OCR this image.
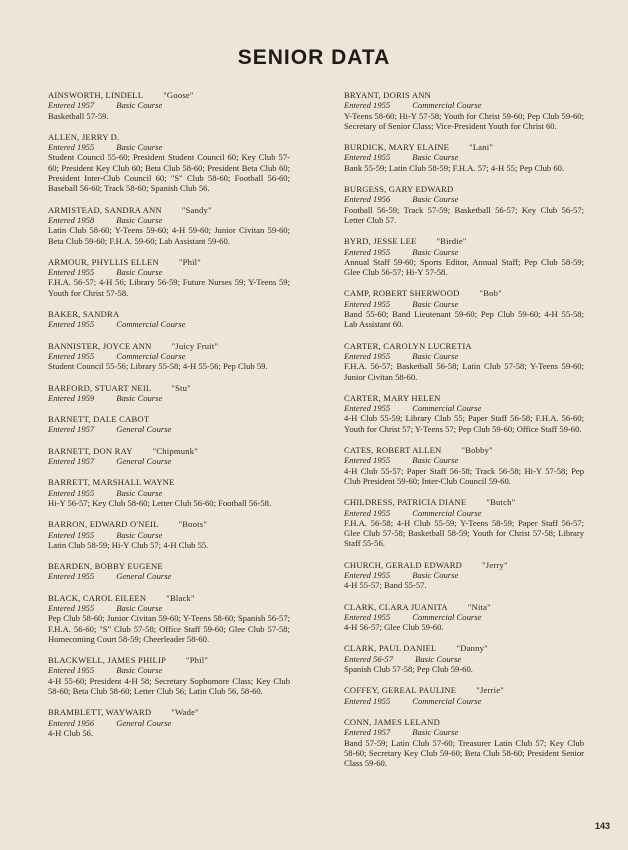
SENIOR DATA
AINSWORTH, LINDELL "Goose"
Entered 1957	Basic Course
Basketball 57-59.
ALLEN, JERRY D.
Entered 1955	Basic Course
Student Council 55-60; President Student Council 60; Key Club 57-60; President Key Club 60; Beta Club 58-60; President Beta Club 60; President Inter-Club Council 60; "S" Club 58-60; Football 56-60; Baseball 56-60; Track 58-60; Spanish Club 56.
ARMISTEAD, SANDRA ANN "Sandy"
Entered 1958	Basic Course
Latin Club 58-60; Y-Teens 59-60; 4-H 59-60; Junior Civitan 59-60; Beta Club 59-60; F.H.A. 59-60; Lab Assistant 59-60.
ARMOUR, PHYLLIS ELLEN "Phil"
Entered 1955	Basic Course
F.H.A. 56-57; 4-H 56; Library 56-59; Future Nurses 59; Y-Teens 59; Youth for Christ 57-58.
BAKER, SANDRA
Entered 1955	Commercial Course
BANNISTER, JOYCE ANN "Juicy Fruit"
Entered 1955	Commercial Course
Student Council 55-56; Library 55-58; 4-H 55-56; Pep Club 59.
BARFORD, STUART NEIL "Stu"
Entered 1959	Basic Course
BARNETT, DALE CABOT
Entered 1957	General Course
BARNETT, DON RAY "Chipmunk"
Entered 1957	General Course
BARRETT, MARSHALL WAYNE
Entered 1955	Basic Course
Hi-Y 56-57; Key Club 58-60; Letter Club 56-60; Football 56-58.
BARRON, EDWARD O'NEIL "Boots"
Entered 1955	Basic Course
Latin Club 58-59; Hi-Y Club 57; 4-H Club 55.
BEARDEN, BOBBY EUGENE
Entered 1955	General Course
BLACK, CAROL EILEEN "Black"
Entered 1955	Basic Course
Pep Club 58-60; Junior Civitan 59-60; Y-Teens 58-60; Spanish 56-57; F.H.A. 56-60; "S" Club 57-58; Office Staff 59-60; Glee Club 57-58; Homecoming Court 58-59; Cheerleader 58-60.
BLACKWELL, JAMES PHILIP "Phil"
Entered 1955	Basic Course
4-H 55-60; President 4-H 58; Secretary Sophomore Class; Key Club 58-60; Beta Club 58-60; Letter Club 56; Latin Club 56, 58-60.
BRAMBLETT, WAYWARD "Wade"
Entered 1956	General Course
4-H Club 56.
BRYANT, DORIS ANN
Entered 1955	Commercial Course
Y-Teens 58-60; Hi-Y 57-58; Youth for Christ 59-60; Pep Club 59-60; Secretary of Senior Class; Vice-President Youth for Christ 60.
BURDICK, MARY ELAINE "Lani"
Entered 1955	Basic Course
Bank 55-59; Latin Club 58-59; F.H.A. 57; 4-H 55; Pep Club 60.
BURGESS, GARY EDWARD
Entered 1956	Basic Course
Football 56-59; Track 57-59; Basketball 56-57; Key Club 56-57; Letter Club 57.
BYRD, JESSE LEE "Birdie"
Entered 1955	Basic Course
Annual Staff 59-60; Sports Editor, Annual Staff; Pep Club 58-59; Glee Club 56-57; Hi-Y 57-58.
CAMP, ROBERT SHERWOOD "Bob"
Entered 1955	Basic Course
Band 55-60; Band Lieutenant 59-60; Pep Club 59-60; 4-H 55-58; Lab Assistant 60.
CARTER, CAROLYN LUCRETIA
Entered 1955	Basic Course
F.H.A. 56-57; Basketball 56-58; Latin Club 57-58; Y-Teens 59-60; Junior Civitan 58-60.
CARTER, MARY HELEN
Entered 1955	Commercial Course
4-H Club 55-59; Library Club 55; Paper Staff 56-58; F.H.A. 56-60; Youth for Christ 57; Y-Teens 57; Pep Club 59-60; Office Staff 59-60.
CATES, ROBERT ALLEN "Bobby"
Entered 1955	Basic Course
4-H Club 55-57; Paper Staff 56-58; Track 56-58; Hi-Y 57-58; Pep Club President 59-60; Inter-Club Council 59-60.
CHILDRESS, PATRICIA DIANE "Butch"
Entered 1955	Commercial Course
F.H.A. 56-58; 4-H Club 55-59; Y-Teens 58-59; Paper Staff 56-57; Glee Club 57-58; Basketball 58-59; Youth for Christ 57-58; Library Staff 55-56.
CHURCH, GERALD EDWARD "Jerry"
Entered 1955	Basic Course
4-H 55-57; Band 55-57.
CLARK, CLARA JUANITA "Nita"
Entered 1955	Commercial Course
4-H 56-57; Glee Club 59-60.
CLARK, PAUL DANIEL "Danny"
Entered 56-57	Basic Course
Spanish Club 57-58; Pep Club 59-60.
COFFEY, GEREAL PAULINE "Jerrie"
Entered 1955	Commercial Course
CONN, JAMES LELAND
Entered 1957	Basic Course
Band 57-59; Latin Club 57-60; Treasurer Latin Club 57; Key Club 58-60; Secretary Key Club 59-60; Beta Club 58-60; President Senior Class 59-60.
143
